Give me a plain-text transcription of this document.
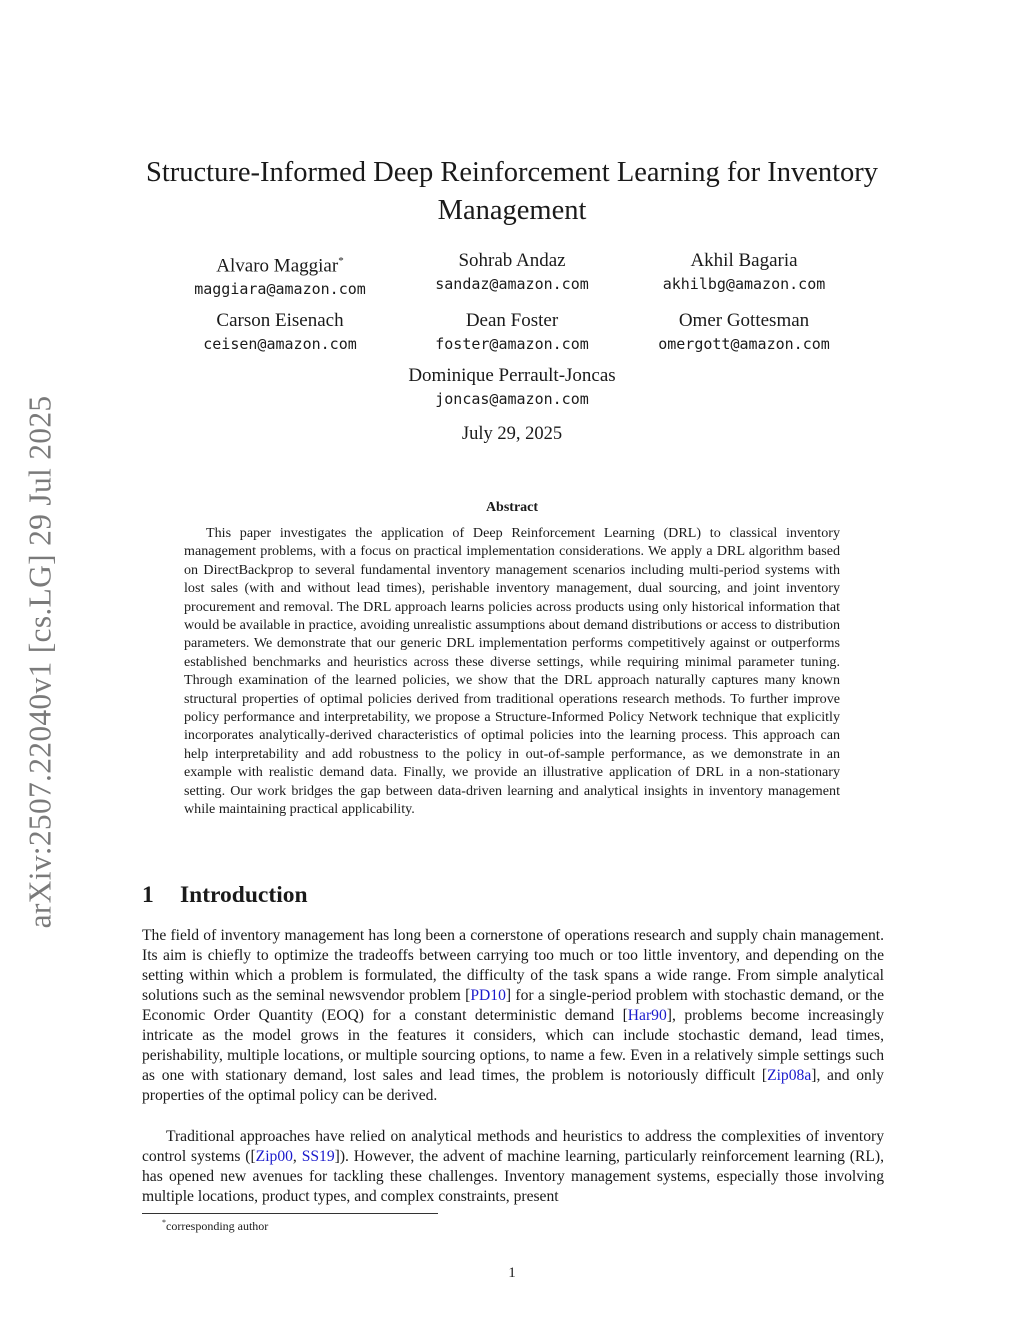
arXiv:2507.22040v1 [cs.LG] 29 Jul 2025
Structure-Informed Deep Reinforcement Learning for Inventory Management
Alvaro Maggiar*
maggiara@amazon.com
Sohrab Andaz
sandaz@amazon.com
Akhil Bagaria
akhilbg@amazon.com
Carson Eisenach
ceisen@amazon.com
Dean Foster
foster@amazon.com
Omer Gottesman
omergott@amazon.com
Dominique Perrault-Joncas
joncas@amazon.com
July 29, 2025
Abstract

This paper investigates the application of Deep Reinforcement Learning (DRL) to classical inventory management problems, with a focus on practical implementation considerations. We apply a DRL algorithm based on DirectBackprop to several fundamental inventory management scenarios including multi-period systems with lost sales (with and without lead times), perishable inventory management, dual sourcing, and joint inventory procurement and removal. The DRL approach learns policies across products using only historical information that would be available in practice, avoiding unrealistic assumptions about demand distributions or access to distribution parameters. We demonstrate that our generic DRL implementation performs competitively against or outperforms established benchmarks and heuristics across these diverse settings, while requiring minimal parameter tuning. Through examination of the learned policies, we show that the DRL approach naturally captures many known structural properties of optimal policies derived from traditional operations research methods. To further improve policy performance and interpretability, we propose a Structure-Informed Policy Network technique that explicitly incorporates analytically-derived characteristics of optimal policies into the learning process. This approach can help interpretability and add robustness to the policy in out-of-sample performance, as we demonstrate in an example with realistic demand data. Finally, we provide an illustrative application of DRL in a non-stationary setting. Our work bridges the gap between data-driven learning and analytical insights in inventory management while maintaining practical applicability.

1 Introduction

The field of inventory management has long been a cornerstone of operations research and supply chain management. Its aim is chiefly to optimize the tradeoffs between carrying too much or too little inventory, and depending on the setting within which a problem is formulated, the difficulty of the task spans a wide range. From simple analytical solutions such as the seminal newsvendor problem [PD10] for a single-period problem with stochastic demand, or the Economic Order Quantity (EOQ) for a constant deterministic demand [Har90], problems become increasingly intricate as the model grows in the features it considers, which can include stochastic demand, lead times, perishability, multiple locations, or multiple sourcing options, to name a few. Even in a relatively simple settings such as one with stationary demand, lost sales and lead times, the problem is notoriously difficult [Zip08a], and only properties of the optimal policy can be derived.

Traditional approaches have relied on analytical methods and heuristics to address the complexities of inventory control systems ([Zip00, SS19]). However, the advent of machine learning, particularly reinforcement learning (RL), has opened new avenues for tackling these challenges. Inventory management systems, especially those involving multiple locations, product types, and complex constraints, present

*corresponding author
1
